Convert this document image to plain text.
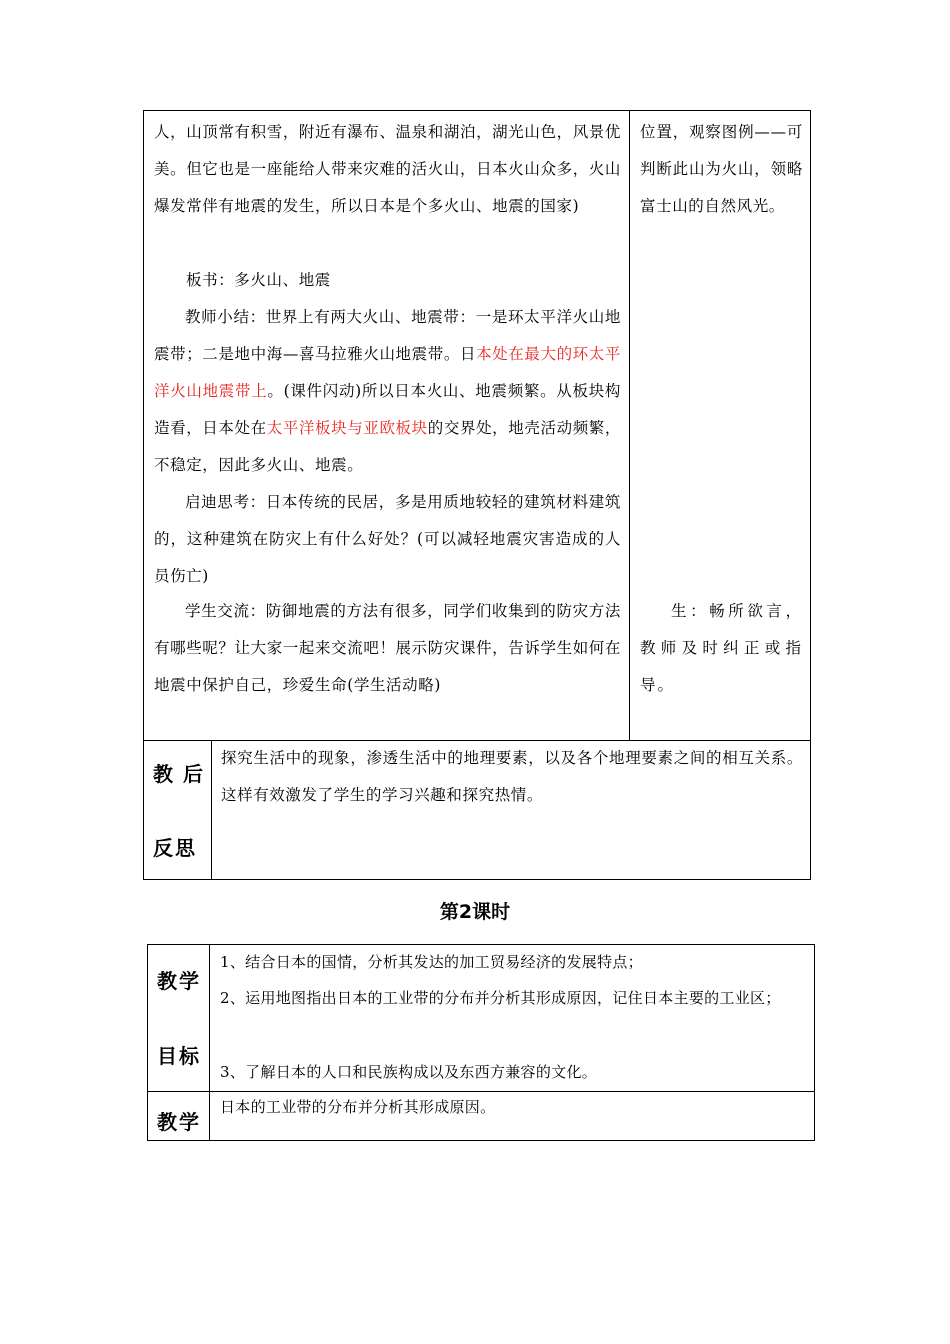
人，山顶常有积雪，附近有瀑布、温泉和湖泊，湖光山色，风景优美。但它也是一座能给人带来灾难的活火山，日本火山众多，火山爆发常伴有地震的发生，所以日本是个多火山、地震的国家)

板书：多火山、地震

教师小结：世界上有两大火山、地震带：一是环太平洋火山地震带；二是地中海—喜马拉雅火山地震带。日本处在最大的环太平洋火山地震带上。(课件闪动)所以日本火山、地震频繁。从板块构造看，日本处在太平洋板块与亚欧板块的交界处，地壳活动频繁，不稳定，因此多火山、地震。

启迪思考：日本传统的民居，多是用质地较轻的建筑材料建筑的，这种建筑在防灾上有什么好处？(可以减轻地震灾害造成的人员伤亡)

学生交流：防御地震的方法有很多，同学们收集到的防灾方法有哪些呢？让大家一起来交流吧！展示防灾课件，告诉学生如何在地震中保护自己，珍爱生命(学生活动略)

位置，观察图例——可判断此山为火山，领略富士山的自然风光。

生：畅所欲言，教师及时纠正或指导。

教后
反思

探究生活中的现象，渗透生活中的地理要素，以及各个地理要素之间的相互关系。这样有效激发了学生的学习兴趣和探究热情。

第2课时
教学
目标

1、结合日本的国情，分析其发达的加工贸易经济的发展特点；

2、运用地图指出日本的工业带的分布并分析其形成原因，记住日本主要的工业区；

3、了解日本的人口和民族构成以及东西方兼容的文化。

教学

日本的工业带的分布并分析其形成原因。
